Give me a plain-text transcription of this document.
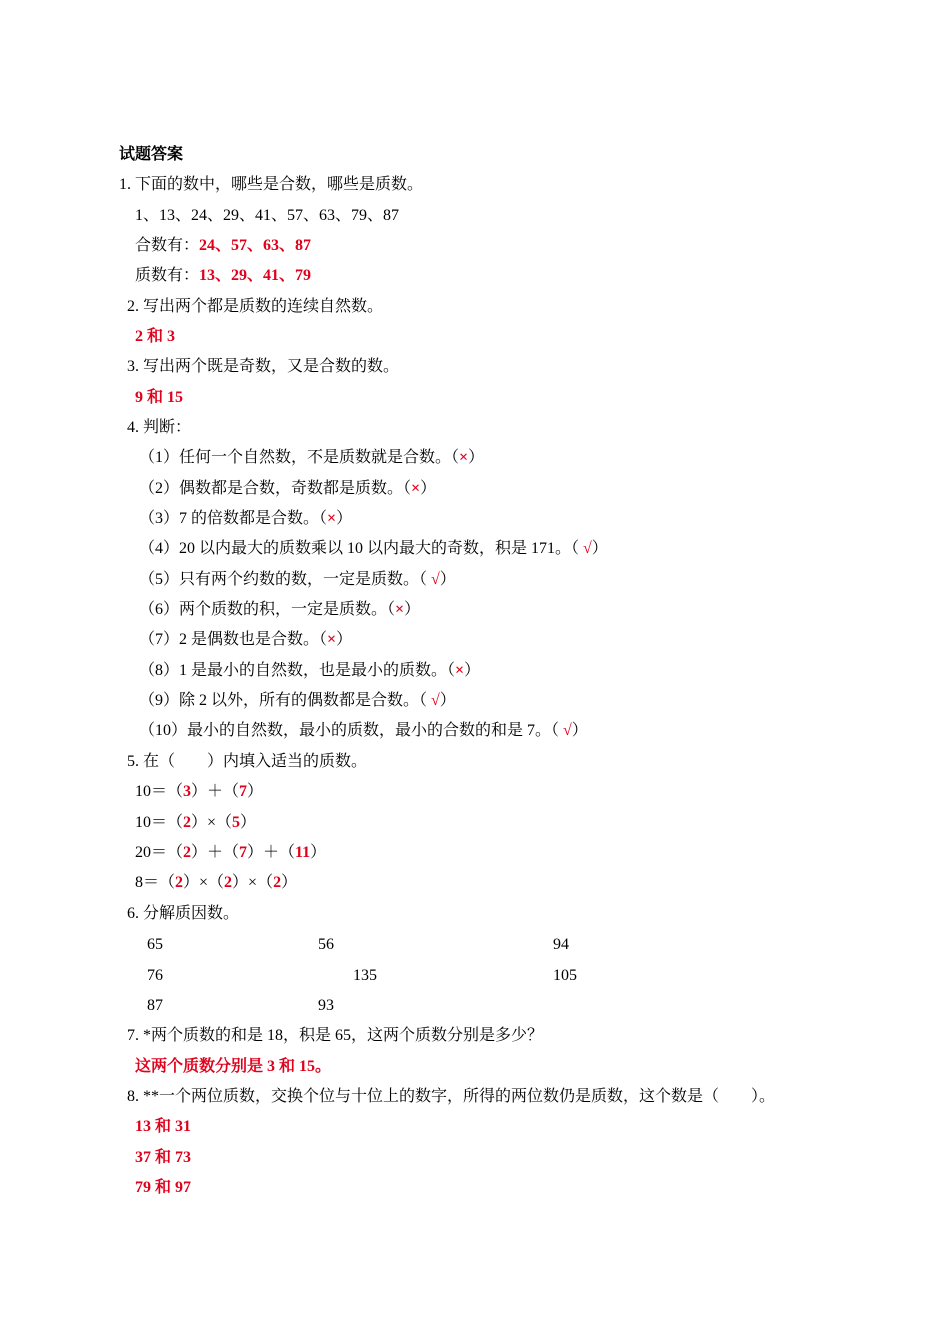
试题答案
1. 下面的数中，哪些是合数，哪些是质数。
1、13、24、29、41、57、63、79、87
合数有：24、57、63、87
质数有：13、29、41、79
2. 写出两个都是质数的连续自然数。
2 和 3
3. 写出两个既是奇数，又是合数的数。
9 和 15
4. 判断：
（1）任何一个自然数，不是质数就是合数。（×）
（2）偶数都是合数，奇数都是质数。（×）
（3）7 的倍数都是合数。（×）
（4）20 以内最大的质数乘以 10 以内最大的奇数，积是 171。（ √）
（5）只有两个约数的数，一定是质数。（ √）
（6）两个质数的积，一定是质数。（×）
（7）2 是偶数也是合数。（×）
（8）1 是最小的自然数，也是最小的质数。（×）
（9）除 2 以外，所有的偶数都是合数。（ √）
（10）最小的自然数，最小的质数，最小的合数的和是 7。（ √）
5. 在（　　）内填入适当的质数。
10＝（3）＋（7）
10＝（2）×（5）
20＝（2）＋（7）＋（11）
8＝（2）×（2）×（2）
6. 分解质因数。
65	56	94
76	135	105
87	93
7. *两个质数的和是 18，积是 65，这两个质数分别是多少？
这两个质数分别是 3 和 15。
8. **一个两位质数，交换个位与十位上的数字，所得的两位数仍是质数，这个数是（　　）。
13 和 31
37 和 73
79 和 97
